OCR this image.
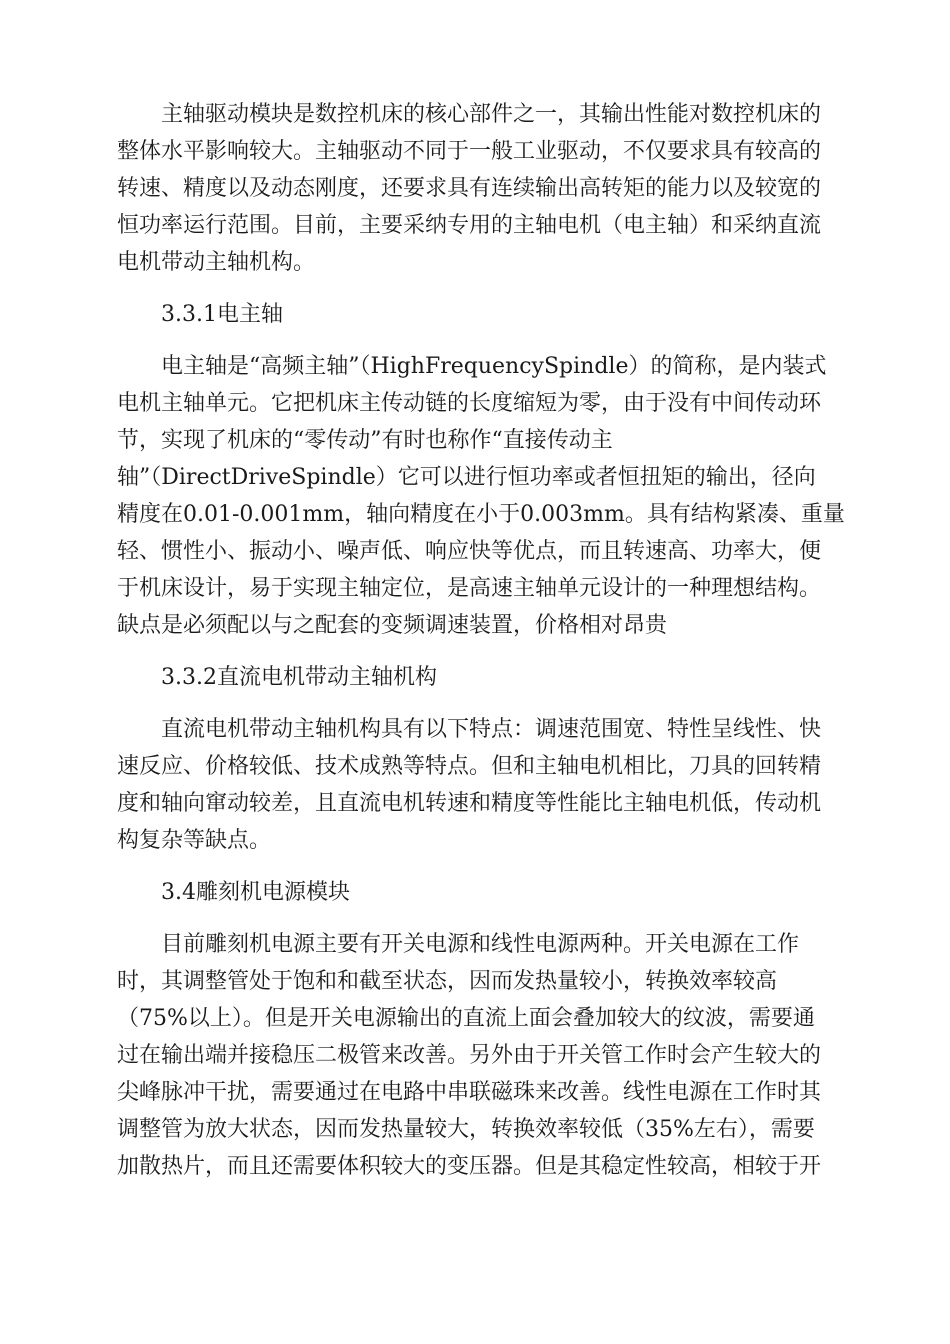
主轴驱动模块是数控机床的核心部件之一，其输出性能对数控机床的
整体水平影响较大。主轴驱动不同于一般工业驱动，不仅要求具有较高的
转速、精度以及动态刚度，还要求具有连续输出高转矩的能力以及较宽的
恒功率运行范围。目前，主要采纳专用的主轴电机（电主轴）和采纳直流
电机带动主轴机构。
3.3.1电主轴
电主轴是“高频主轴”（HighFrequencySpindle）的简称，是内装式
电机主轴单元。它把机床主传动链的长度缩短为零，由于没有中间传动环
节，实现了机床的“零传动”有时也称作“直接传动主
轴”（DirectDriveSpindle）它可以进行恒功率或者恒扭矩的输出，径向
精度在0.01-0.001mm，轴向精度在小于0.003mm。具有结构紧凑、重量
轻、惯性小、振动小、噪声低、响应快等优点，而且转速高、功率大，便
于机床设计，易于实现主轴定位，是高速主轴单元设计的一种理想结构。
缺点是必须配以与之配套的变频调速装置，价格相对昂贵
3.3.2直流电机带动主轴机构
直流电机带动主轴机构具有以下特点：调速范围宽、特性呈线性、快
速反应、价格较低、技术成熟等特点。但和主轴电机相比，刀具的回转精
度和轴向窜动较差，且直流电机转速和精度等性能比主轴电机低，传动机
构复杂等缺点。
3.4雕刻机电源模块
目前雕刻机电源主要有开关电源和线性电源两种。开关电源在工作
时，其调整管处于饱和和截至状态，因而发热量较小，转换效率较高
（75%以上）。但是开关电源输出的直流上面会叠加较大的纹波，需要通
过在输出端并接稳压二极管来改善。另外由于开关管工作时会产生较大的
尖峰脉冲干扰，需要通过在电路中串联磁珠来改善。线性电源在工作时其
调整管为放大状态，因而发热量较大，转换效率较低（35%左右），需要
加散热片，而且还需要体积较大的变压器。但是其稳定性较高，相较于开
